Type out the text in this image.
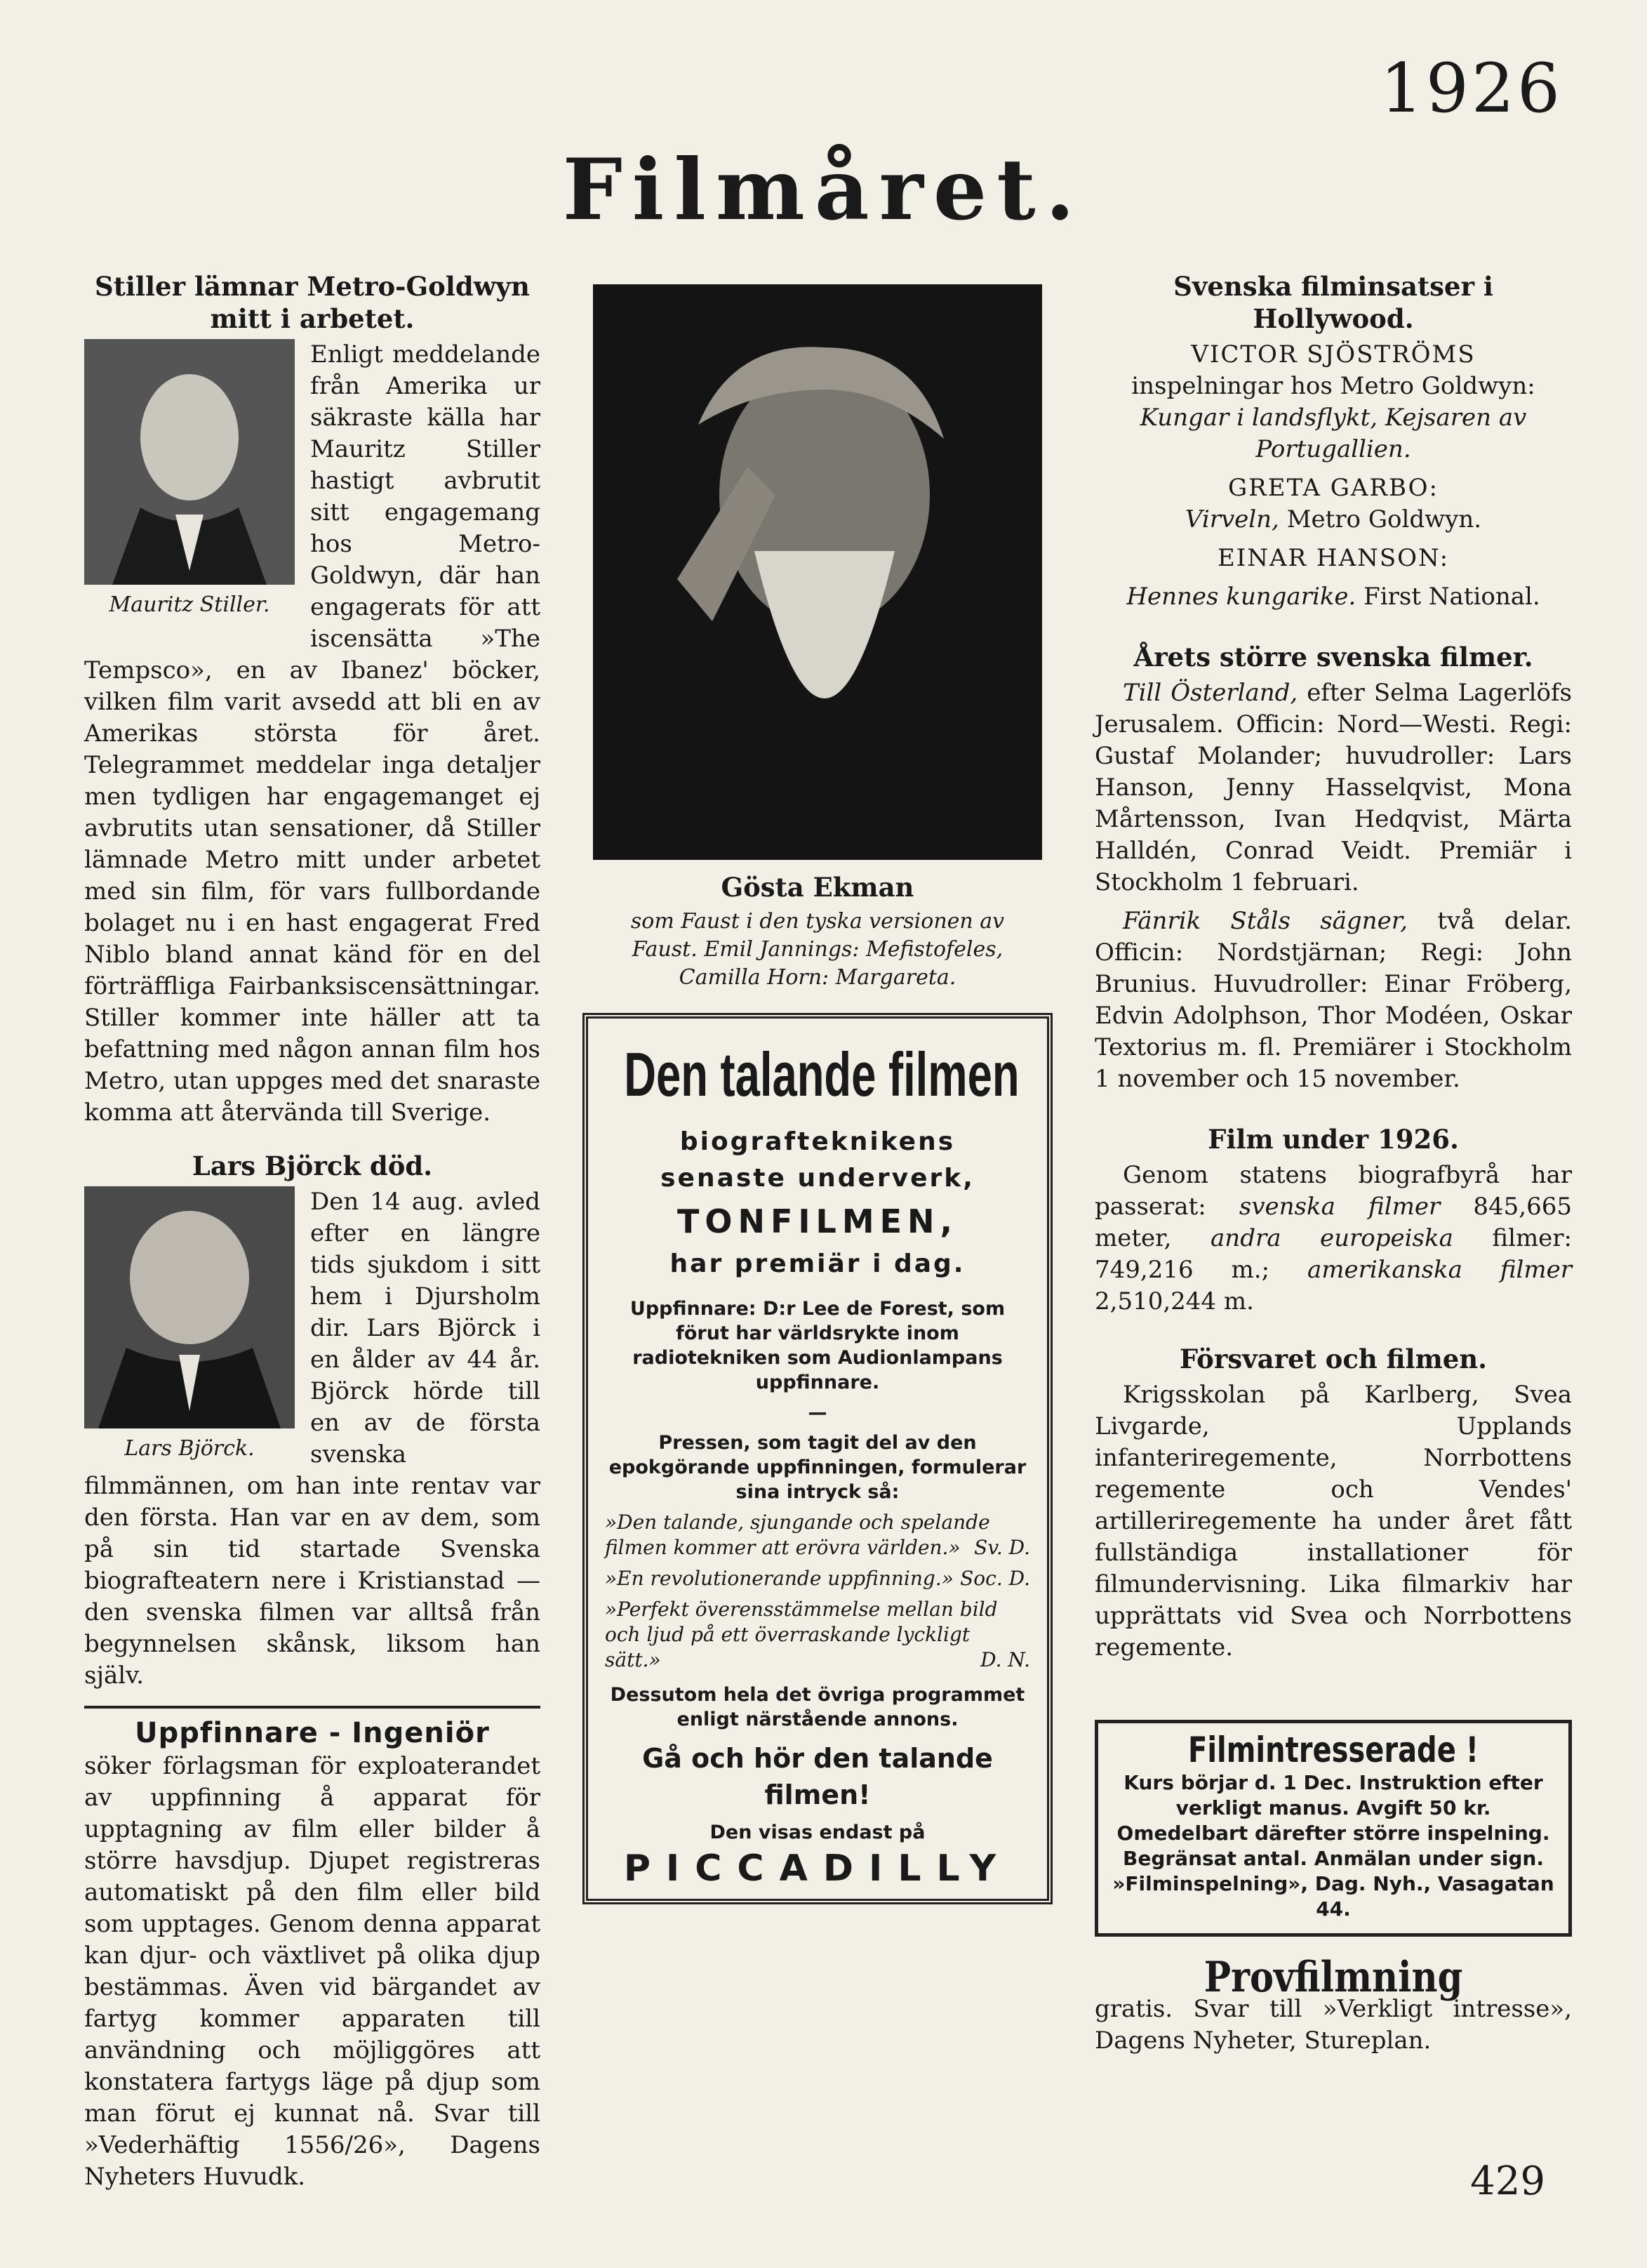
1926
Filmåret.
Stiller lämnar Metro-Goldwyn mitt i arbetet.
Mauritz Stiller.

Enligt meddelande från Amerika ur säkraste källa har Mauritz Stiller hastigt avbrutit sitt engagemang hos Metro-Goldwyn, där han engagerats för att iscensätta »The Tempsco», en av Ibanez' böcker, vilken film varit avsedd att bli en av Amerikas största för året. Telegrammet meddelar inga detaljer men tydligen har engagemanget ej avbrutits utan sensationer, då Stiller lämnade Metro mitt under arbetet med sin film, för vars fullbordande bolaget nu i en hast engagerat Fred Niblo bland annat känd för en del förträffliga Fairbanksiscensättningar. Stiller kommer inte häller att ta befattning med någon annan film hos Metro, utan uppges med det snaraste komma att återvända till Sverige.

Lars Björck död.
Lars Björck.

Den 14 aug. avled efter en längre tids sjukdom i sitt hem i Djursholm dir. Lars Björck i en ålder av 44 år. Björck hörde till en av de första svenska filmmännen, om han inte rentav var den första. Han var en av dem, som på sin tid startade Svenska biografteatern nere i Kristianstad — den svenska filmen var alltså från begynnelsen skånsk, liksom han själv.

Uppfinnare - Ingeniör

söker förlagsman för exploaterandet av uppfinning å apparat för upptagning av film eller bilder å större havsdjup. Djupet registreras automatiskt på den film eller bild som upptages. Genom denna apparat kan djur- och växtlivet på olika djup bestämmas. Även vid bärgandet av fartyg kommer apparaten till användning och möjliggöres att konstatera fartygs läge på djup som man förut ej kunnat nå. Svar till »Vederhäftig 1556/26», Dagens Nyheters Huvudk.

Gösta Ekman
som Faust i den tyska versionen av Faust. Emil Jannings: Mefistofeles, Camilla Horn: Margareta.
Den talande filmen
biografteknikens
senaste underverk,
TONFILMEN,
har premiär i dag.
Uppfinnare: D:r Lee de Forest, som förut har världsrykte inom radiotekniken som Audionlampans uppfinnare.
—
Pressen, som tagit del av den epokgörande uppfinningen, formulerar sina intryck så:
»Den talande, sjungande och spelande filmen kommer att erövra världen.» Sv. D.
»En revolutionerande uppfinning.» Soc. D.
»Perfekt överensstämmelse mellan bild och ljud på ett överraskande lyckligt sätt.»	D. N.
Dessutom hela det övriga programmet enligt närstående annons.
Gå och hör den talande filmen!
Den visas endast på
PICCADILLY
Svenska filminsatser i Hollywood.
VICTOR SJÖSTRÖMS
inspelningar hos Metro Goldwyn:
Kungar i landsflykt, Kejsaren av Portugallien.
GRETA GARBO:
Virveln, Metro Goldwyn.
EINAR HANSON:
Hennes kungarike. First National.
Årets större svenska filmer.

Till Österland, efter Selma Lagerlöfs Jerusalem. Officin: Nord—Westi. Regi: Gustaf Molander; huvudroller: Lars Hanson, Jenny Hasselqvist, Mona Mårtensson, Ivan Hedqvist, Märta Halldén, Conrad Veidt. Premiär i Stockholm 1 februari.

Fänrik Ståls sägner, två delar. Officin: Nordstjärnan; Regi: John Brunius. Huvudroller: Einar Fröberg, Edvin Adolphson, Thor Modéen, Oskar Textorius m. fl. Premiärer i Stockholm 1 november och 15 november.

Film under 1926.

Genom statens biografbyrå har passerat: svenska filmer 845,665 meter, andra europeiska filmer: 749,216 m.; amerikanska filmer 2,510,244 m.

Försvaret och filmen.

Krigsskolan på Karlberg, Svea Livgarde, Upplands infanteriregemente, Norrbottens regemente och Vendes' artilleriregemente ha under året fått fullständiga installationer för filmundervisning. Lika filmarkiv har upprättats vid Svea och Norrbottens regemente.

Filmintresserade !
Kurs börjar d. 1 Dec. Instruktion efter verkligt manus. Avgift 50 kr. Omedelbart därefter större inspelning. Begränsat antal. Anmälan under sign. »Filminspelning», Dag. Nyh., Vasagatan 44.
Provfilmning

gratis. Svar till »Verkligt intresse», Dagens Nyheter, Stureplan.

429
